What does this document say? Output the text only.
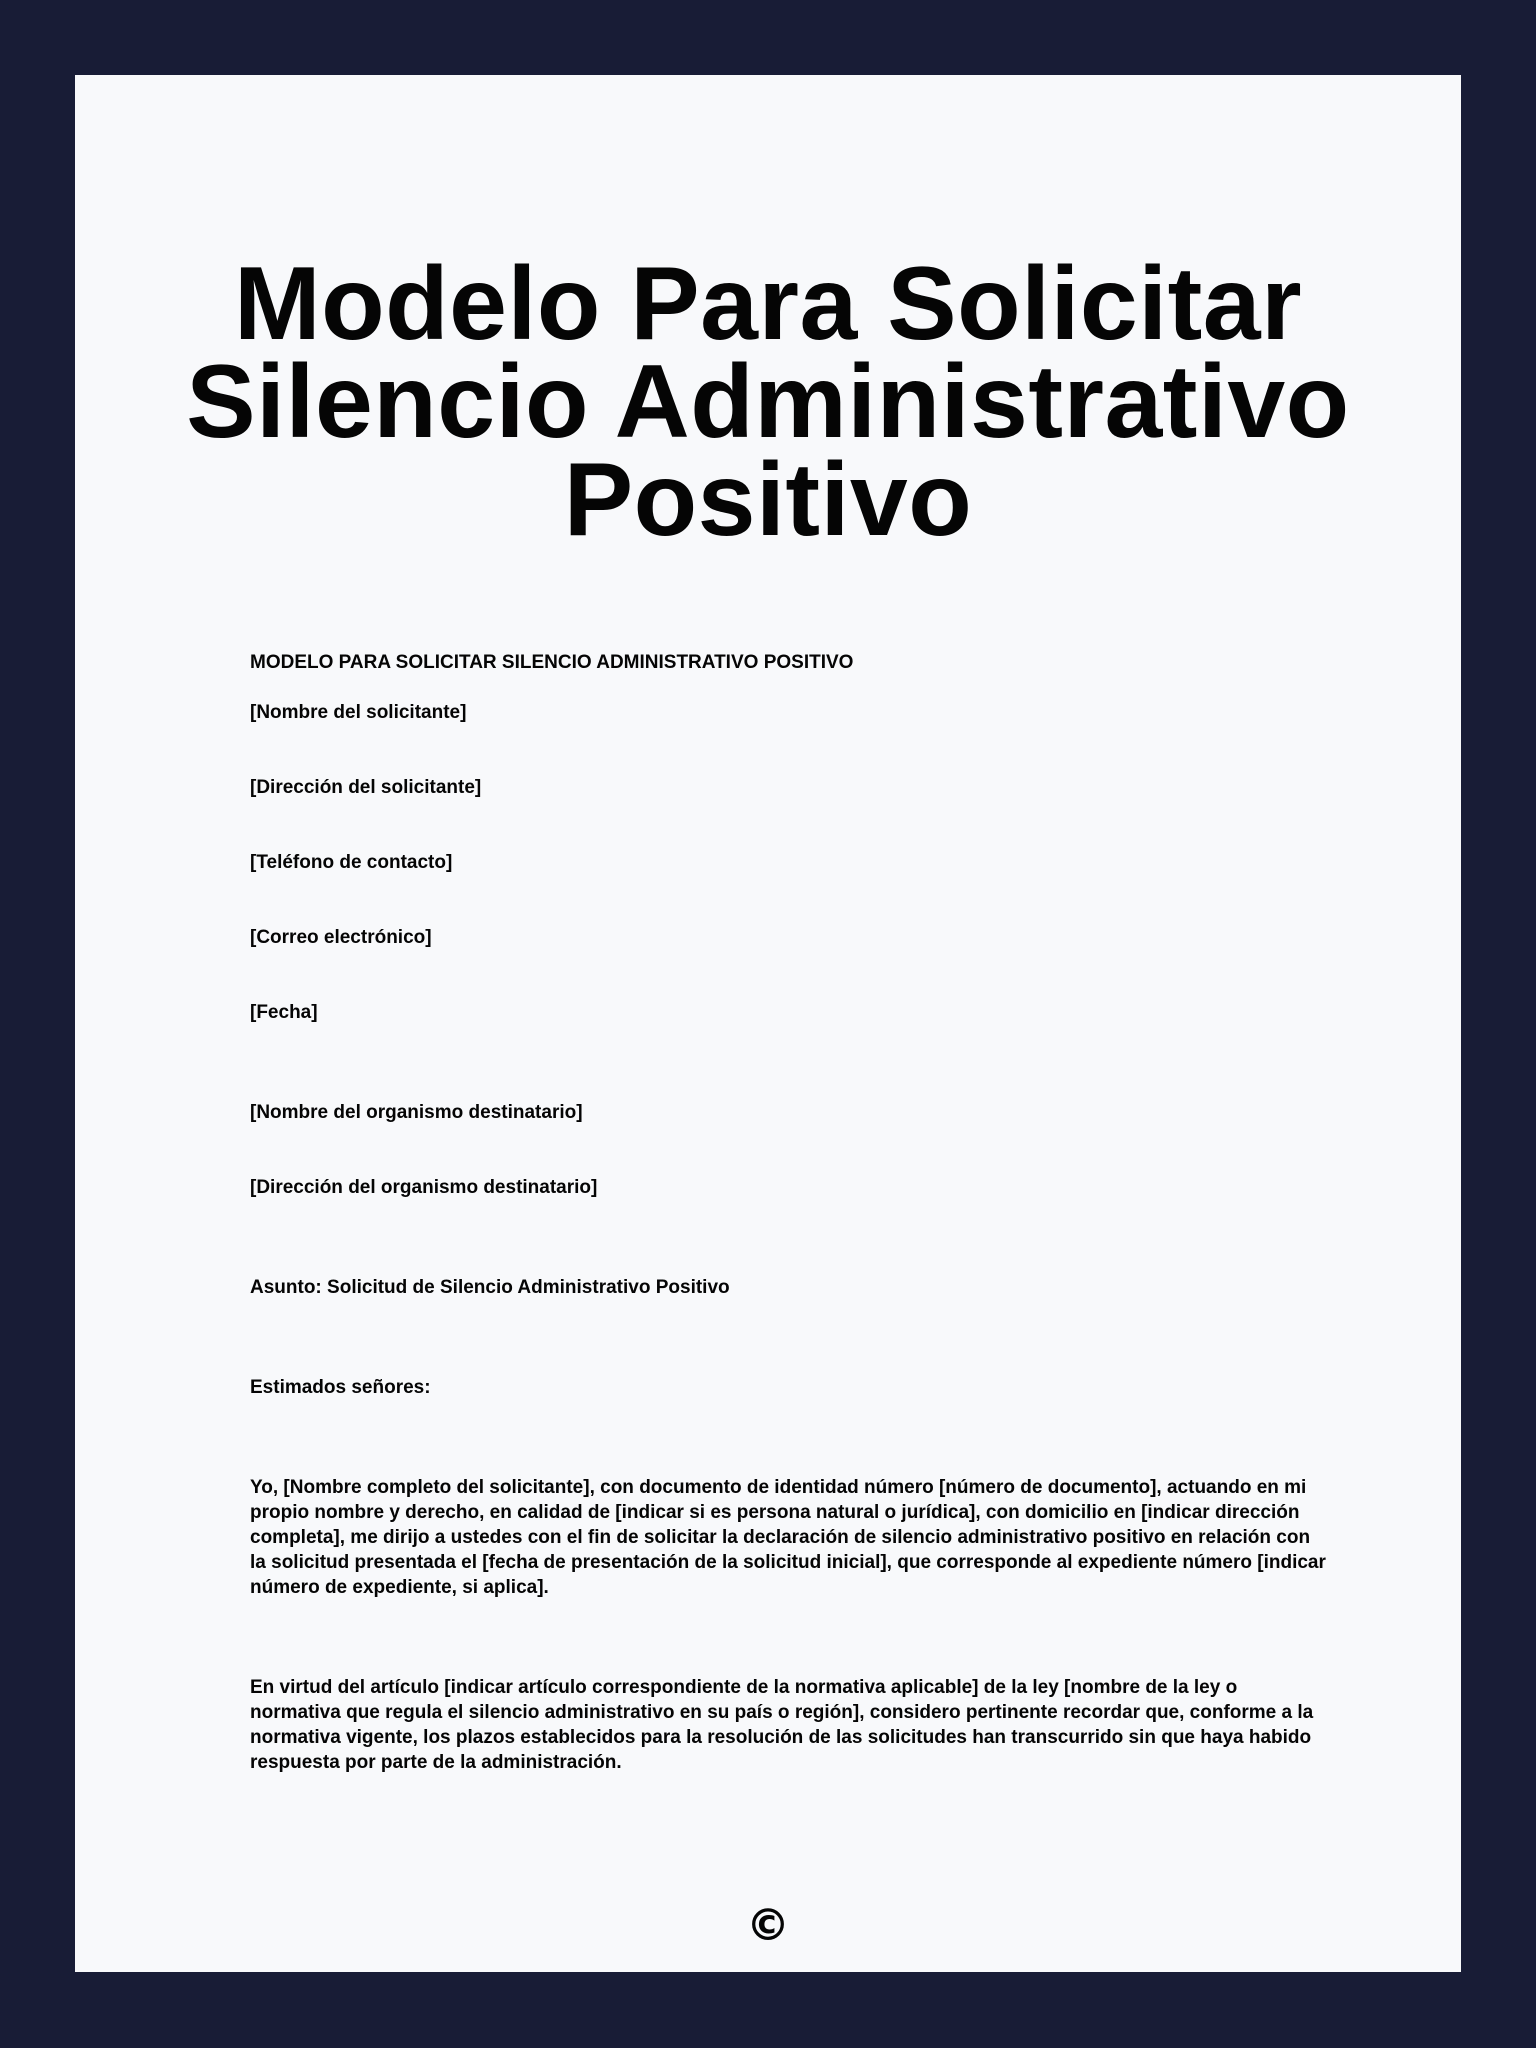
Modelo Para Solicitar
Silencio Administrativo
Positivo

MODELO PARA SOLICITAR SILENCIO ADMINISTRATIVO POSITIVO

[Nombre del solicitante]

[Dirección del solicitante]

[Teléfono de contacto]

[Correo electrónico]

[Fecha]

[Nombre del organismo destinatario]

[Dirección del organismo destinatario]

Asunto: Solicitud de Silencio Administrativo Positivo

Estimados señores:

Yo, [Nombre completo del solicitante], con documento de identidad número [número de documento], actuando en mi propio nombre y derecho, en calidad de [indicar si es persona natural o jurídica], con domicilio en [indicar dirección completa], me dirijo a ustedes con el fin de solicitar la declaración de silencio administrativo positivo en relación con la solicitud presentada el [fecha de presentación de la solicitud inicial], que corresponde al expediente número [indicar número de expediente, si aplica].

En virtud del artículo [indicar artículo correspondiente de la normativa aplicable] de la ley [nombre de la ley o normativa que regula el silencio administrativo en su país o región], considero pertinente recordar que, conforme a la normativa vigente, los plazos establecidos para la resolución de las solicitudes han transcurrido sin que haya habido respuesta por parte de la administración.

©
